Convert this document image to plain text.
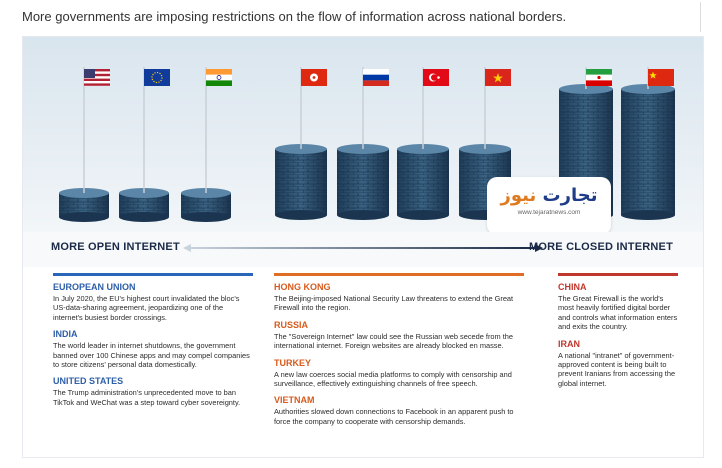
More governments are imposing restrictions on the flow of information across national borders.
تجارت نیوز
www.tejaratnews.com
MORE OPEN INTERNET	MORE CLOSED INTERNET
EUROPEAN UNION
In July 2020, the EU's highest court invalidated the bloc's US-data-sharing agreement, jeopardizing one of the internet's busiest border crossings.
INDIA
The world leader in internet shutdowns, the government banned over 100 Chinese apps and may compel companies to store citizens' personal data domestically.
UNITED STATES
The Trump administration's unprecedented move to ban TikTok and WeChat was a step toward cyber sovereignty.
HONG KONG
The Beijing-imposed National Security Law threatens to extend the Great Firewall into the region.
RUSSIA
The "Sovereign Internet" law could see the Russian web secede from the international internet. Foreign websites are already blocked en masse.
TURKEY
A new law coerces social media platforms to comply with censorship and surveillance, effectively extinguishing channels of free speech.
VIETNAM
Authorities slowed down connections to Facebook in an apparent push to force the company to cooperate with censorship demands.
CHINA
The Great Firewall is the world's most heavily fortified digital border and controls what information enters and exits the country.
IRAN
A national "intranet" of government-approved content is being built to prevent Iranians from accessing the global internet.
